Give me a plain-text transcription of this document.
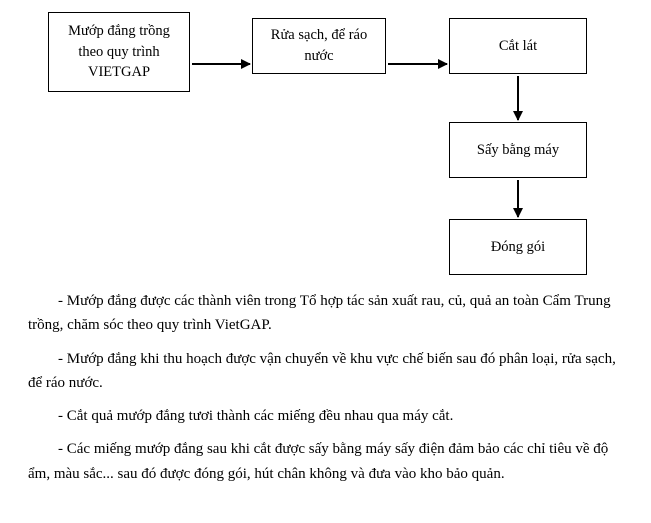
Mướp đắng trồng theo quy trình VIETGAP
Rửa sạch, để ráo nước
Cắt lát
Sấy bằng máy
Đóng gói

- Mướp đắng được các thành viên trong Tổ hợp tác sản xuất rau, củ, quả an toàn Cẩm Trung trồng, chăm sóc theo quy trình VietGAP.

- Mướp đắng khi thu hoạch được vận chuyển về khu vực chế biến sau đó phân loại, rửa sạch, để ráo nước.

- Cắt quả mướp đắng tươi thành các miếng đều nhau qua máy cắt.

- Các miếng mướp đắng sau khi cắt được sấy bằng máy sấy điện đảm bảo các chỉ tiêu về độ ẩm, màu sắc... sau đó được đóng gói, hút chân không và đưa vào kho bảo quản.
